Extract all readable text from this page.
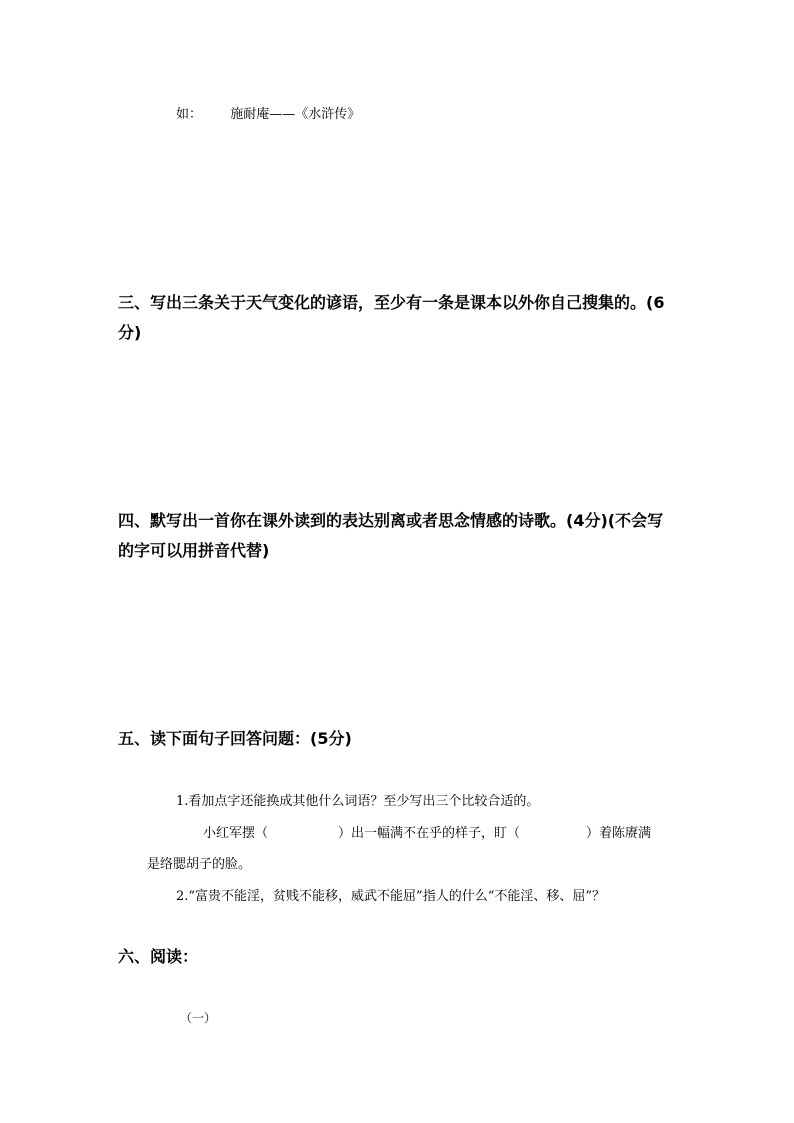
如： 施耐庵——《水浒传》

三、写出三条关于天气变化的谚语，至少有一条是课本以外你自己搜集的。(6

分)

四、默写出一首你在课外读到的表达别离或者思念情感的诗歌。(4分)(不会写

的字可以用拼音代替)

五、读下面句子回答问题：(5分)

1.看加点字还能换成其他什么词语？至少写出三个比较合适的。

小红军摆（	）出一幅满不在乎的样子，盯（	）着陈赓满

是络腮胡子的脸。

2.“富贵不能淫，贫贱不能移，威武不能屈”指人的什么“不能淫、移、屈”？

六、阅读：

（一）
